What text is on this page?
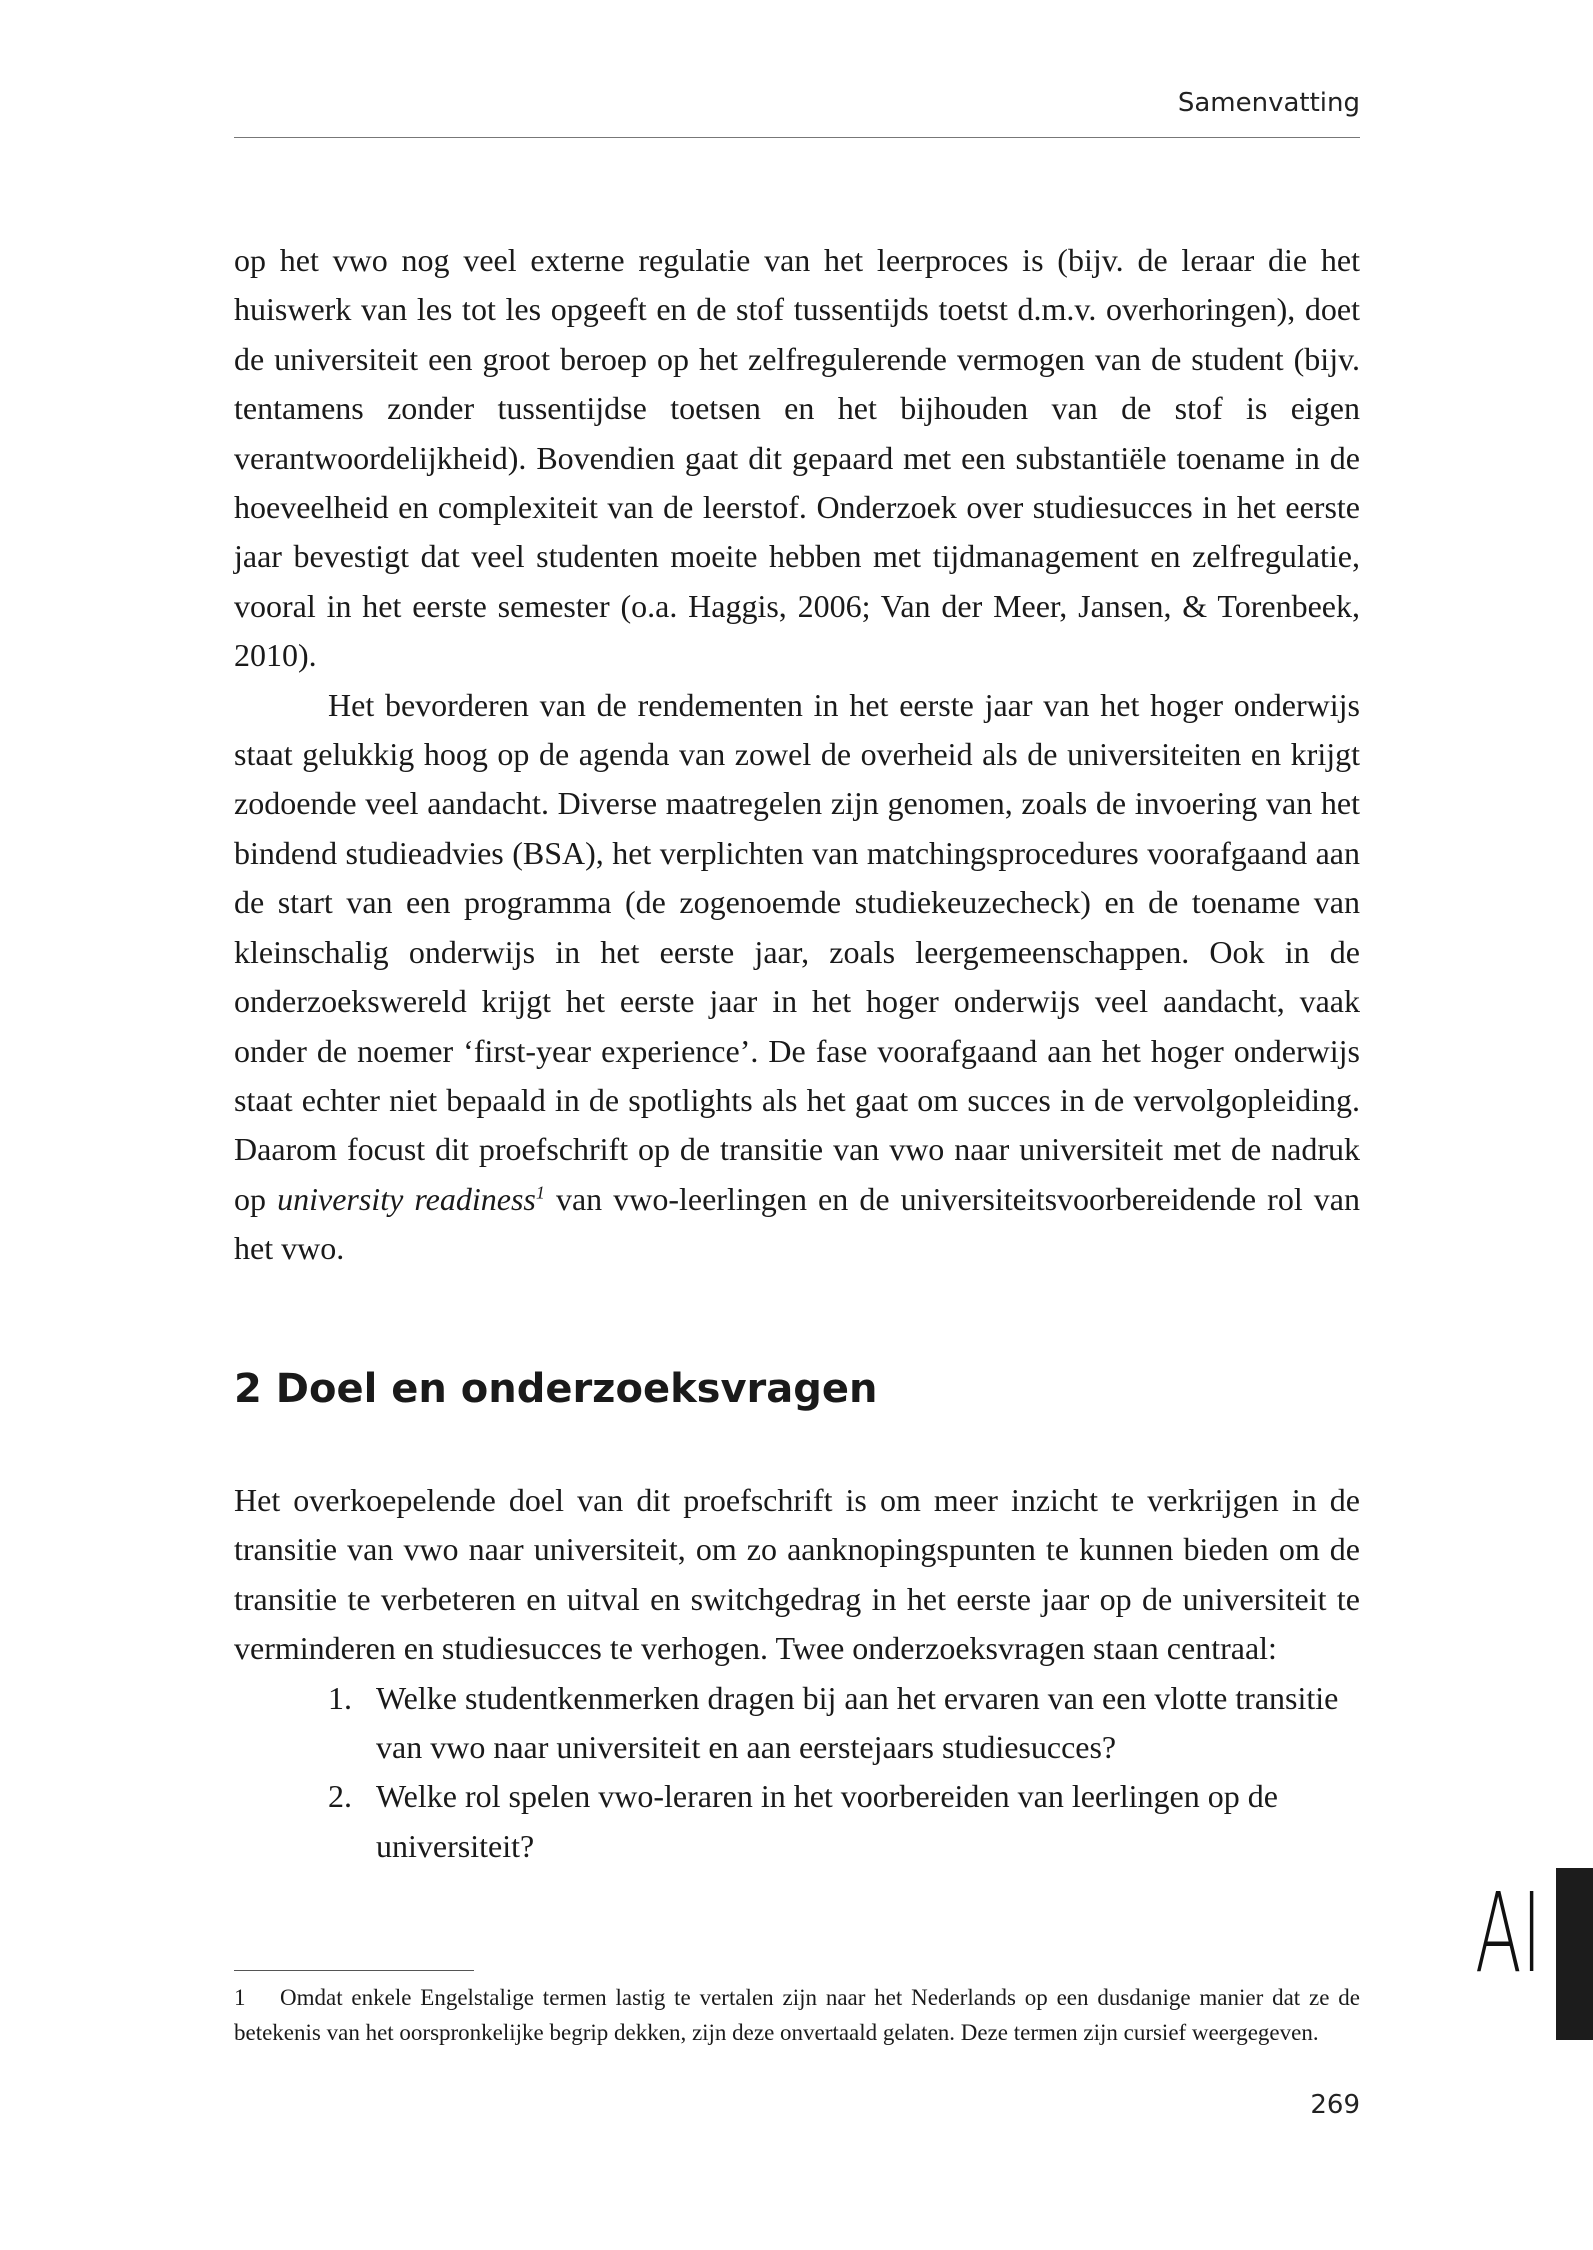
Samenvatting

op het vwo nog veel externe regulatie van het leerproces is (bijv. de leraar die het huiswerk van les tot les opgeeft en de stof tussentijds toetst d.m.v. overhoringen), doet de universiteit een groot beroep op het zelfregulerende vermogen van de student (bijv. tentamens zonder tussentijdse toetsen en het bijhouden van de stof is eigen verantwoordelijkheid). Bovendien gaat dit gepaard met een substantiële toename in de hoeveelheid en complexiteit van de leerstof. Onderzoek over studiesucces in het eerste jaar bevestigt dat veel studenten moeite hebben met tijdmanagement en zelfregulatie, vooral in het eerste semester (o.a. Haggis, 2006; Van der Meer, Jansen, & Torenbeek, 2010).

Het bevorderen van de rendementen in het eerste jaar van het hoger onderwijs staat gelukkig hoog op de agenda van zowel de overheid als de universiteiten en krijgt zodoende veel aandacht. Diverse maatregelen zijn genomen, zoals de invoering van het bindend studieadvies (BSA), het verplichten van matchingsprocedures voorafgaand aan de start van een programma (de zogenoemde studiekeuzecheck) en de toename van kleinschalig onderwijs in het eerste jaar, zoals leergemeenschappen. Ook in de onderzoekswereld krijgt het eerste jaar in het hoger onderwijs veel aandacht, vaak onder de noemer ‘first-year experience’. De fase voorafgaand aan het hoger onderwijs staat echter niet bepaald in de spotlights als het gaat om succes in de vervolgopleiding. Daarom focust dit proefschrift op de transitie van vwo naar universiteit met de nadruk op university readiness$^1$ van vwo-leerlingen en de universiteitsvoorbereidende rol van het vwo.

2 Doel en onderzoeksvragen

Het overkoepelende doel van dit proefschrift is om meer inzicht te verkrijgen in de transitie van vwo naar universiteit, om zo aanknopingspunten te kunnen bieden om de transitie te verbeteren en uitval en switchgedrag in het eerste jaar op de universiteit te verminderen en studiesucces te verhogen. Twee onderzoeksvragen staan centraal:

1. Welke studentkenmerken dragen bij aan het ervaren van een vlotte transitie van vwo naar universiteit en aan eerstejaars studiesucces?
2. Welke rol spelen vwo-leraren in het voorbereiden van leerlingen op de universiteit?
1 Omdat enkele Engelstalige termen lastig te vertalen zijn naar het Nederlands op een dusdanige manier dat ze de betekenis van het oorspronkelijke begrip dekken, zijn deze onvertaald gelaten. Deze termen zijn cursief weergegeven.
269
AI
